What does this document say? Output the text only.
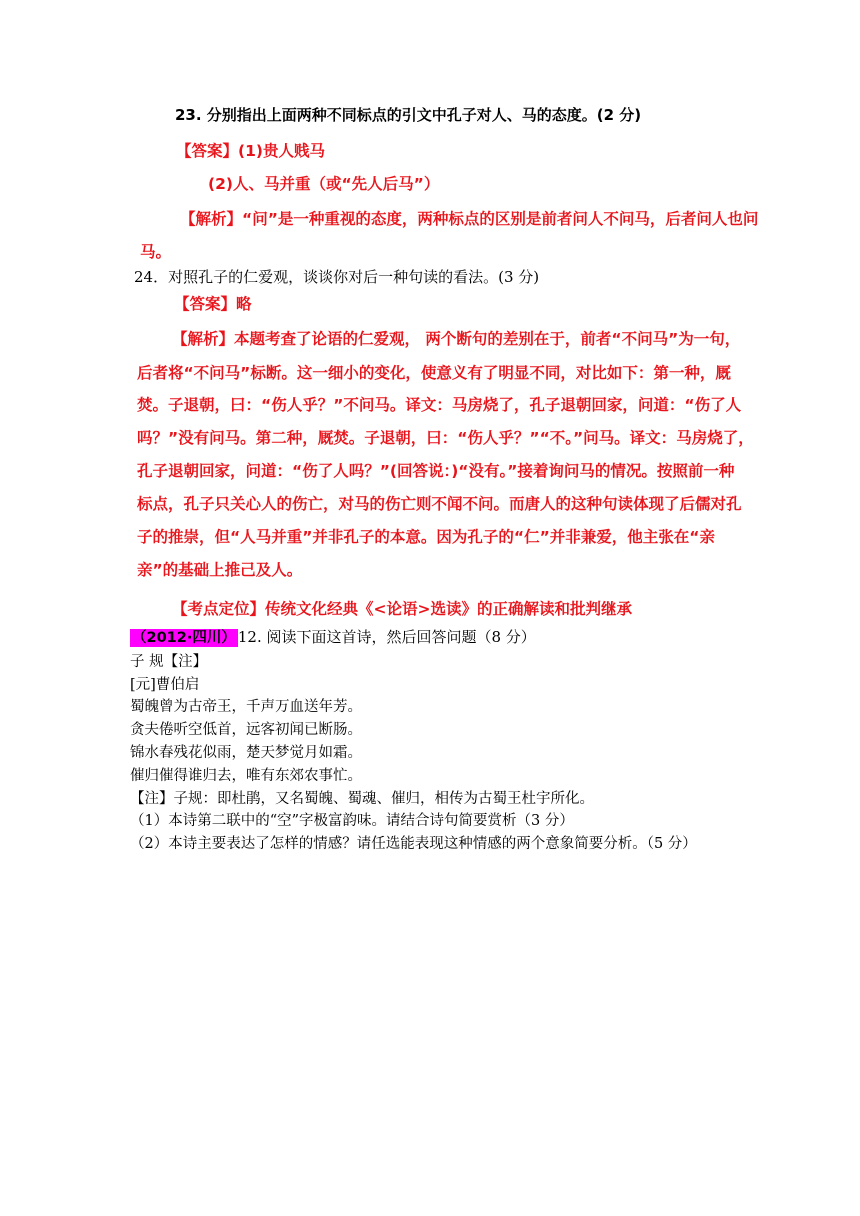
23. 分别指出上面两种不同标点的引文中孔子对人、马的态度。(2 分)
【答案】(1)贵人贱马
(2)人、马并重（或“先人后马”）
【解析】“问”是一种重视的态度，两种标点的区别是前者问人不问马，后者问人也问
马。
24．对照孔子的仁爱观，谈谈你对后一种句读的看法。(3 分)
【答案】略
【解析】本题考查了论语的仁爱观， 两个断句的差别在于，前者“不问马”为一句，
后者将“不问马”标断。这一细小的变化，使意义有了明显不同，对比如下：第一种，厩
焚。子退朝，曰：“伤人乎？”不问马。译文：马房烧了，孔子退朝回家，问道：“伤了人
吗？”没有问马。第二种，厩焚。子退朝，曰：“伤人乎？”“不。”问马。译文：马房烧了，
孔子退朝回家，问道：“伤了人吗？”(回答说：)“没有。”接着询问马的情况。按照前一种
标点，孔子只关心人的伤亡，对马的伤亡则不闻不问。而唐人的这种句读体现了后儒对孔
子的推崇，但“人马并重”并非孔子的本意。因为孔子的“仁”并非兼爱，他主张在“亲
亲”的基础上推己及人。
【考点定位】传统文化经典《<论语>选读》的正确解读和批判继承
（2012·四川） 12. 阅读下面这首诗，然后回答问题（8 分）
子 规【注】
[元]曹伯启
蜀魄曾为古帝王，千声万血送年芳。
贪夫倦听空低首，远客初闻已断肠。
锦水春残花似雨，楚天梦觉月如霜。
催归催得谁归去，唯有东郊农事忙。
【注】子规：即杜鹃，又名蜀魄、蜀魂、催归，相传为古蜀王杜宇所化。
（1）本诗第二联中的“空”字极富韵味。请结合诗句简要赏析（3 分）
（2）本诗主要表达了怎样的情感？请任选能表现这种情感的两个意象简要分析。（5 分）
